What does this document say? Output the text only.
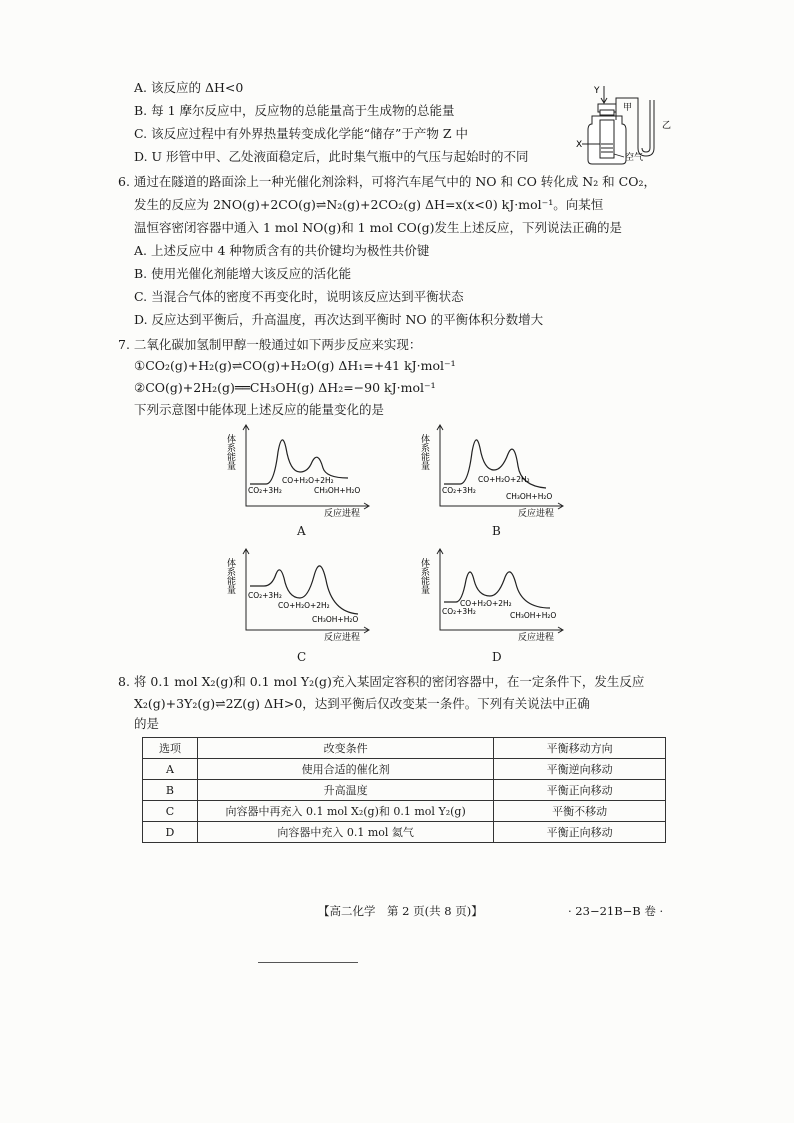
A. 该反应的 ΔH<0
B. 每 1 摩尔反应中，反应物的总能量高于生成物的总能量
C. 该反应过程中有外界热量转变成化学能“储存”于产物 Z 中
D. U 形管中甲、乙处液面稳定后，此时集气瓶中的气压与起始时的不同
Y
X
甲
乙
空气
6. 通过在隧道的路面涂上一种光催化剂涂料，可将汽车尾气中的 NO 和 CO 转化成 N₂ 和 CO₂，
发生的反应为 2NO(g)+2CO(g)⇌N₂(g)+2CO₂(g) ΔH=x(x<0) kJ·mol⁻¹。向某恒
温恒容密闭容器中通入 1 mol NO(g)和 1 mol CO(g)发生上述反应，下列说法正确的是
A. 上述反应中 4 种物质含有的共价键均为极性共价键
B. 使用光催化剂能增大该反应的活化能
C. 当混合气体的密度不再变化时，说明该反应达到平衡状态
D. 反应达到平衡后，升高温度，再次达到平衡时 NO 的平衡体积分数增大
7. 二氧化碳加氢制甲醇一般通过如下两步反应来实现：
①CO₂(g)+H₂(g)⇌CO(g)+H₂O(g) ΔH₁=+41 kJ·mol⁻¹
②CO(g)+2H₂(g)══CH₃OH(g) ΔH₂=−90 kJ·mol⁻¹
下列示意图中能体现上述反应的能量变化的是
体系能量
反应进程
CO₂+3H₂
CO+H₂O+2H₂
CH₃OH+H₂O
A
体系能量
反应进程
CO₂+3H₂
CO+H₂O+2H₂
CH₃OH+H₂O
B
体系能量
反应进程
CO₂+3H₂
CO+H₂O+2H₂
CH₃OH+H₂O
C
体系能量
反应进程
CO₂+3H₂
CO+H₂O+2H₂
CH₃OH+H₂O
D
8. 将 0.1 mol X₂(g)和 0.1 mol Y₂(g)充入某固定容积的密闭容器中，在一定条件下，发生反应
X₂(g)+3Y₂(g)⇌2Z(g) ΔH>0，达到平衡后仅改变某一条件。下列有关说法中正确
的是
选项	改变条件	平衡移动方向
A	使用合适的催化剂	平衡逆向移动
B	升高温度	平衡正向移动
C	向容器中再充入 0.1 mol X₂(g)和 0.1 mol Y₂(g)	平衡不移动
D	向容器中充入 0.1 mol 氦气	平衡正向移动
【高二化学　第 2 页(共 8 页)】	· 23−21B−B 卷 ·
